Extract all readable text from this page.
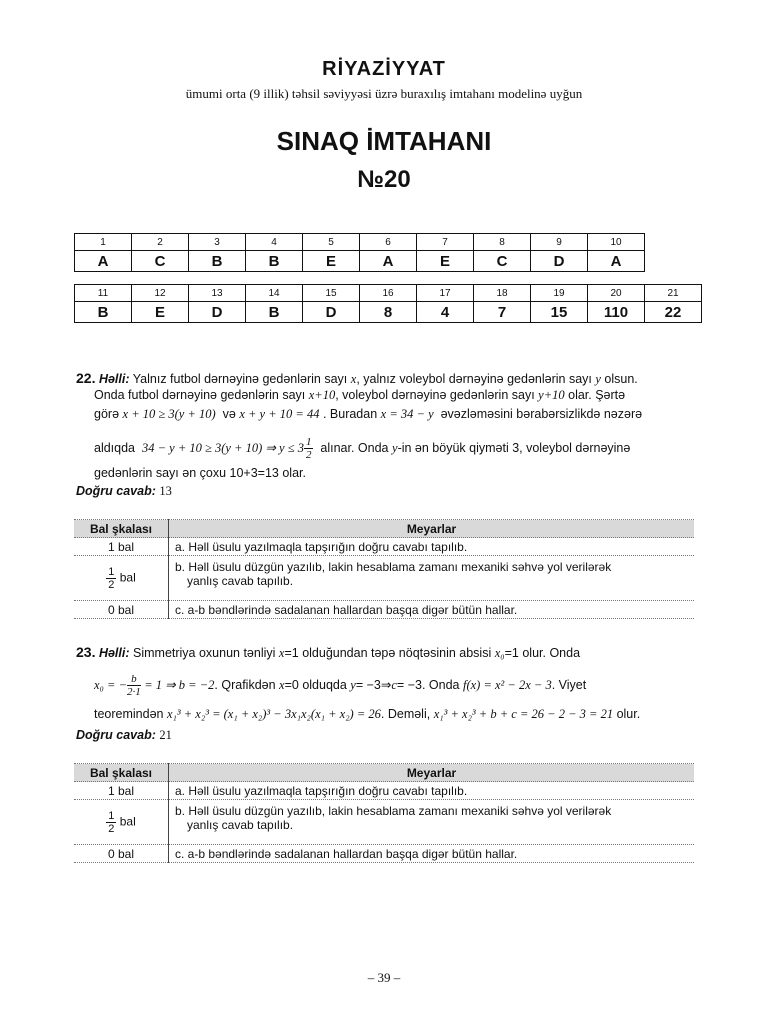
RİYAZİYYAT
ümumi orta (9 illik) təhsil səviyyəsi üzrə buraxılış imtahanı modelinə uyğun
SINAQ İMTAHANI
№20
1	2	3	4	5	6	7	8	9	10
A	C	B	B	E	A	E	C	D	A
11	12	13	14	15	16	17	18	19	20	21
B	E	D	B	D	8	4	7	15	110	22
22. Həlli: Yalnız futbol dərnəyinə gedənlərin sayı x, yalnız voleybol dərnəyinə gedənlərin sayı y olsun.
Onda futbol dərnəyinə gedənlərin sayı x+10, voleybol dərnəyinə gedənlərin sayı y+10 olar. Şərtə
görə x + 10 ≥ 3(y + 10) və x + y + 10 = 44 . Buradan x = 34 − y əvəzləməsini bərabərsizlikdə nəzərə
aldıqda 34 − y + 10 ≥ 3(y + 10) ⇒ $y \le 3 \frac{1}{2}$ alınar. Onda y-in ən böyük qiyməti 3, voleybol dərnəyinə
gedənlərin sayı ən çoxu 10+3=13 olar.
Doğru cavab: 13
Bal şkalası	Meyarlar
1 bal	a. Həll üsulu yazılmaqla tapşırığın doğru cavabı tapılıb.

$\frac{1}{2}$ bal	b. Həll üsulu düzgün yazılıb, lakin hesablama zamanı mexaniki səhvə yol verilərək
yanlış cavab tapılıb.

0 bal	c. a-b bəndlərində sadalanan hallardan başqa digər bütün hallar.
23. Həlli: Simmetriya oxunun tənliyi x=1 olduğundan təpə nöqtəsinin absisi x₀=1 olur. Onda
x₀ = − $\frac{b}{2\cdot 1} = 1$ ⇒ b = −2. Qrafikdən x=0 olduqda y= −3⇒c= −3. Onda f(x) = x² − 2x − 3. Viyet
teoremindən x₁³ + x₂³ = (x₁ + x₂)³ − 3x₁x₂(x₁ + x₂) = 26. Deməli, x₁³ + x₂³ + b + c = 26 − 2 − 3 = 21 olur.
Doğru cavab: 21
Bal şkalası	Meyarlar
1 bal	a. Həll üsulu yazılmaqla tapşırığın doğru cavabı tapılıb.

$\frac{1}{2}$ bal	b. Həll üsulu düzgün yazılıb, lakin hesablama zamanı mexaniki səhvə yol verilərək
yanlış cavab tapılıb.

0 bal	c. a-b bəndlərində sadalanan hallardan başqa digər bütün hallar.
– 39 –
